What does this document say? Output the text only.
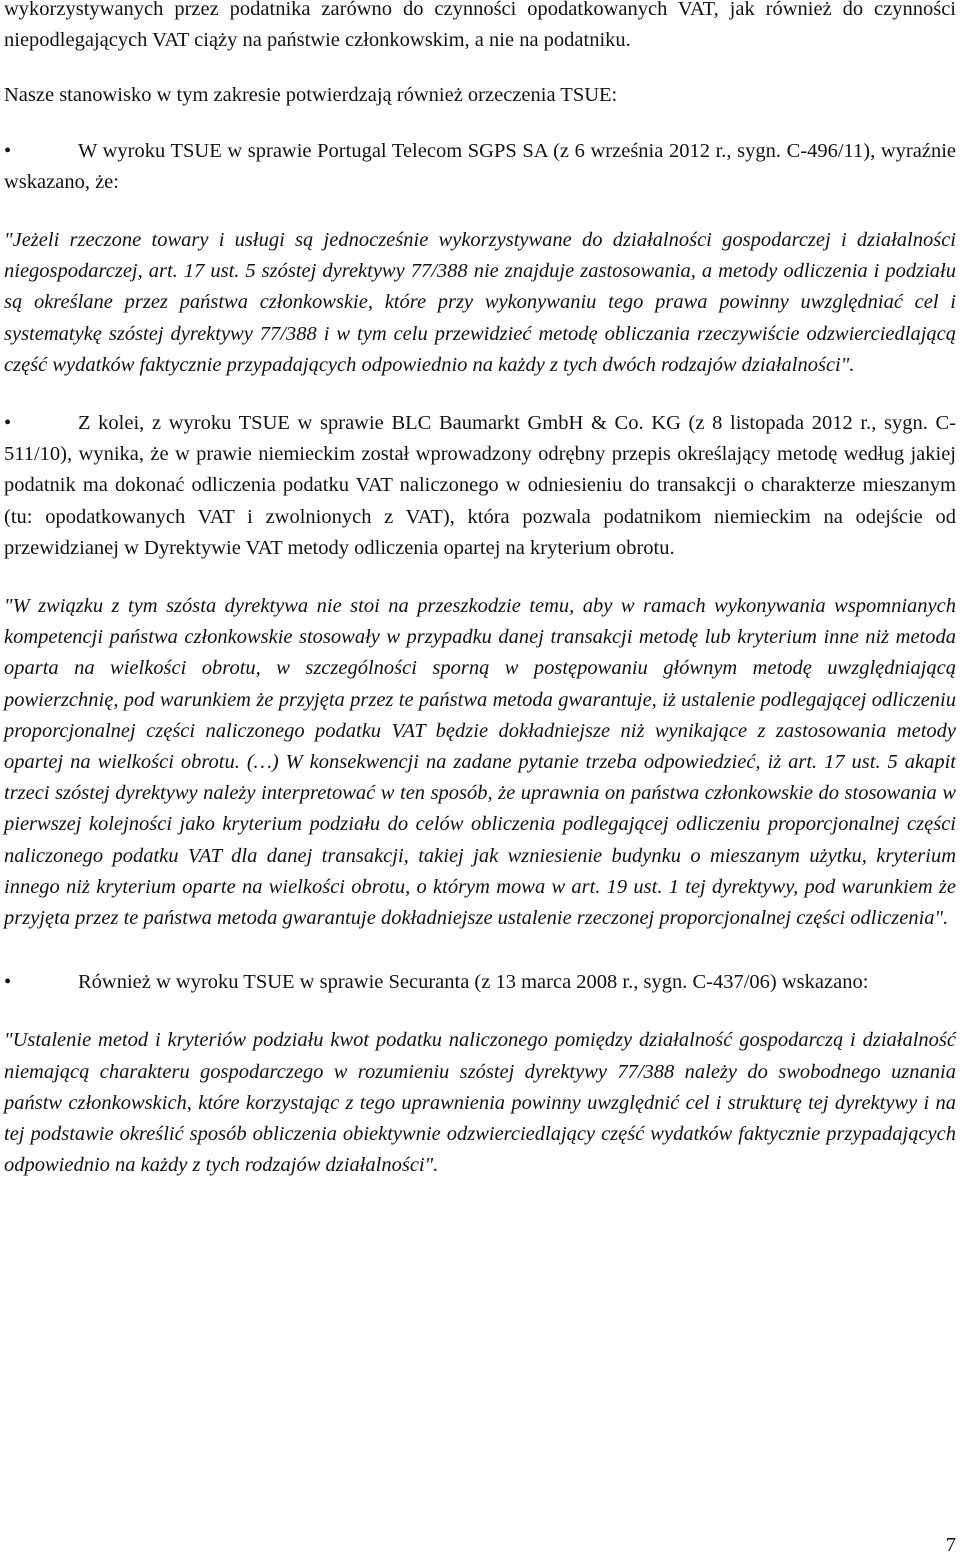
wykorzystywanych przez podatnika zarówno do czynności opodatkowanych VAT, jak również do czynności niepodlegających VAT ciąży na państwie członkowskim, a nie na podatniku.

Nasze stanowisko w tym zakresie potwierdzają również orzeczenia TSUE:

•	W wyroku TSUE w sprawie Portugal Telecom SGPS SA (z 6 września 2012 r., sygn. C-496/11), wyraźnie wskazano, że:

"Jeżeli rzeczone towary i usługi są jednocześnie wykorzystywane do działalności gospodarczej i działalności niegospodarczej, art. 17 ust. 5 szóstej dyrektywy 77/388 nie znajduje zastosowania, a metody odliczenia i podziału są określane przez państwa członkowskie, które przy wykonywaniu tego prawa powinny uwzględniać cel i systematykę szóstej dyrektywy 77/388 i w tym celu przewidzieć metodę obliczania rzeczywiście odzwierciedlającą część wydatków faktycznie przypadających odpowiednio na każdy z tych dwóch rodzajów działalności".

•	Z kolei, z wyroku TSUE w sprawie BLC Baumarkt GmbH & Co. KG (z 8 listopada 2012 r., sygn. C-511/10), wynika, że w prawie niemieckim został wprowadzony odrębny przepis określający metodę według jakiej podatnik ma dokonać odliczenia podatku VAT naliczonego w odniesieniu do transakcji o charakterze mieszanym (tu: opodatkowanych VAT i zwolnionych z VAT), która pozwala podatnikom niemieckim na odejście od przewidzianej w Dyrektywie VAT metody odliczenia opartej na kryterium obrotu.

"W związku z tym szósta dyrektywa nie stoi na przeszkodzie temu, aby w ramach wykonywania wspomnianych kompetencji państwa członkowskie stosowały w przypadku danej transakcji metodę lub kryterium inne niż metoda oparta na wielkości obrotu, w szczególności sporną w postępowaniu głównym metodę uwzględniającą powierzchnię, pod warunkiem że przyjęta przez te państwa metoda gwarantuje, iż ustalenie podlegającej odliczeniu proporcjonalnej części naliczonego podatku VAT będzie dokładniejsze niż wynikające z zastosowania metody opartej na wielkości obrotu. (…) W konsekwencji na zadane pytanie trzeba odpowiedzieć, iż art. 17 ust. 5 akapit trzeci szóstej dyrektywy należy interpretować w ten sposób, że uprawnia on państwa członkowskie do stosowania w pierwszej kolejności jako kryterium podziału do celów obliczenia podlegającej odliczeniu proporcjonalnej części naliczonego podatku VAT dla danej transakcji, takiej jak wzniesienie budynku o mieszanym użytku, kryterium innego niż kryterium oparte na wielkości obrotu, o którym mowa w art. 19 ust. 1 tej dyrektywy, pod warunkiem że przyjęta przez te państwa metoda gwarantuje dokładniejsze ustalenie rzeczonej proporcjonalnej części odliczenia".

•	Również w wyroku TSUE w sprawie Securanta (z 13 marca 2008 r., sygn. C-437/06) wskazano:

"Ustalenie metod i kryteriów podziału kwot podatku naliczonego pomiędzy działalność gospodarczą i działalność niemającą charakteru gospodarczego w rozumieniu szóstej dyrektywy 77/388 należy do swobodnego uznania państw członkowskich, które korzystając z tego uprawnienia powinny uwzględnić cel i strukturę tej dyrektywy i na tej podstawie określić sposób obliczenia obiektywnie odzwierciedlający część wydatków faktycznie przypadających odpowiednio na każdy z tych rodzajów działalności".

7
